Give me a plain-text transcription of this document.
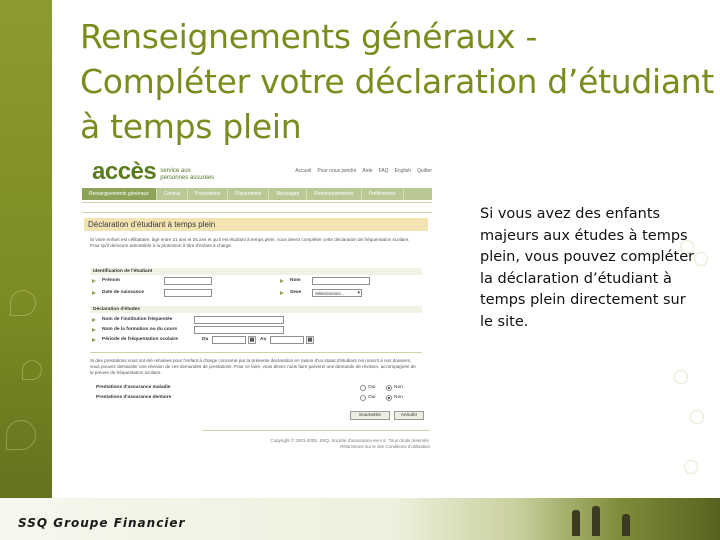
Renseignements généraux -
Compléter votre déclaration d’étudiant
à temps plein
accès service aux personnes assurées
Accueil Pour nous joindre Aide FAQ English Quitter
Renseignements généraux	Contrat	Prestations	Placements	Messages	Remboursements	Préférences
Déclaration d’étudiant à temps plein
Si votre enfant est célibataire, âgé entre 21 ans et 25 ans et qu'il est étudiant à temps plein, vous devez compléter cette déclaration de fréquentation scolaire. Pour qu'il demeure admissible à la protection à titre d'enfant à charge.
Identification de l'étudiant
Prénom	Nom
Date de naissance	Sexe	Sélectionnez... ▾
Déclaration d'études
Nom de l'institution fréquentée
Nom de la formation ou du cours
Période de fréquentation scolaire	Du	▦	Au	▦
Si des prestations vous ont été refusées pour l'enfant à charge concerné par la présente déclaration en raison d'un statut d'étudiant non inscrit à nos dossiers, vous pouvez demander une révision de ces demandes de prestations. Pour ce faire, vous devez nous faire parvenir une demande de révision, accompagnée de la preuve de fréquentation scolaire.
Prestations d'assurance maladie	Oui	Non
Prestations d'assurance dentaire	Oui	Non
Soumettre	Annuler
Copyright © 2001-2005, SSQ, Société d'assurance-vie inc. Tous droits réservés.
Restrictions sur le site Conditions d'utilisation

Si vous avez des enfants majeurs aux études à temps plein, vous pouvez compléter la déclaration d’étudiant à temps plein directement sur le site.

SSQ Groupe Financier
